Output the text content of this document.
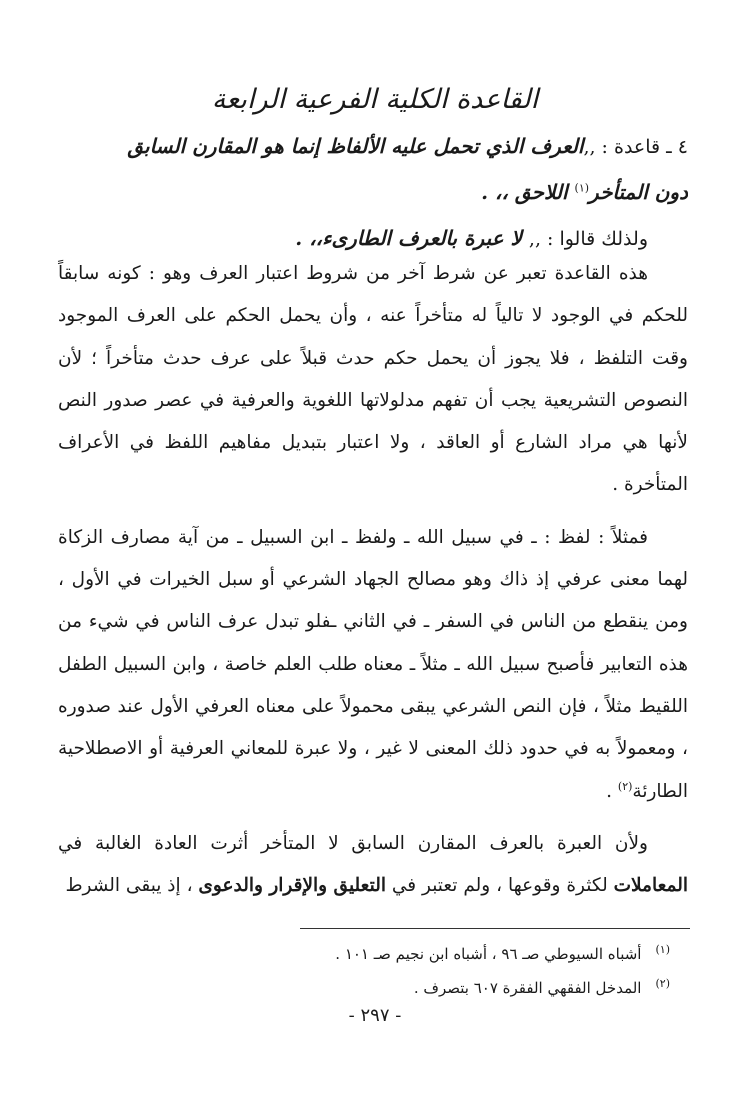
القاعدة الكلية الفرعية الرابعة
٤ ـ قاعدة : ,,العرف الذي تحمل عليه الألفاظ إنما هو المقارن السابق
دون المتأخر$^{(١)}$ اللاحق ،، .
ولذلك قالوا : ,, لا عبرة بالعرف الطارىء،، .

هذه القاعدة تعبر عن شرط آخر من شروط اعتبار العرف وهو : كونه سابقاً للحكم في الوجود لا تالياً له متأخراً عنه ، وأن يحمل الحكم على العرف الموجود وقت التلفظ ، فلا يجوز أن يحمل حكم حدث قبلاً على عرف حدث متأخراً ؛ لأن النصوص التشريعية يجب أن تفهم مدلولاتها اللغوية والعرفية في عصر صدور النص لأنها هي مراد الشارع أو العاقد ، ولا اعتبار بتبديل مفاهيم اللفظ في الأعراف المتأخرة .

فمثلاً : لفظ : ـ في سبيل الله ـ ولفظ ـ ابن السبيل ـ من آية مصارف الزكاة لهما معنى عرفي إذ ذاك وهو مصالح الجهاد الشرعي أو سبل الخيرات في الأول ، ومن ينقطع من الناس في السفر ـ في الثاني ـفلو تبدل عرف الناس في شيء من هذه التعابير فأصبح سبيل الله ـ مثلاً ـ معناه طلب العلم خاصة ، وابن السبيل الطفل اللقيط مثلاً ، فإن النص الشرعي يبقى محمولاً على معناه العرفي الأول عند صدوره ، ومعمولاً به في حدود ذلك المعنى لا غير ، ولا عبرة للمعاني العرفية أو الاصطلاحية الطارئة$^{(٢)}$ .

ولأن العبرة بالعرف المقارن السابق لا المتأخر أثرت العادة الغالبة في المعاملات لكثرة وقوعها ، ولم تعتبر في التعليق والإقرار والدعوى ، إذ يبقى الشرط

(١)أشباه السيوطي صـ ٩٦ ، أشباه ابن نجيم صـ ١٠١ .
(٢)المدخل الفقهي الفقرة ٦٠٧ بتصرف .
- ٢٩٧ -
